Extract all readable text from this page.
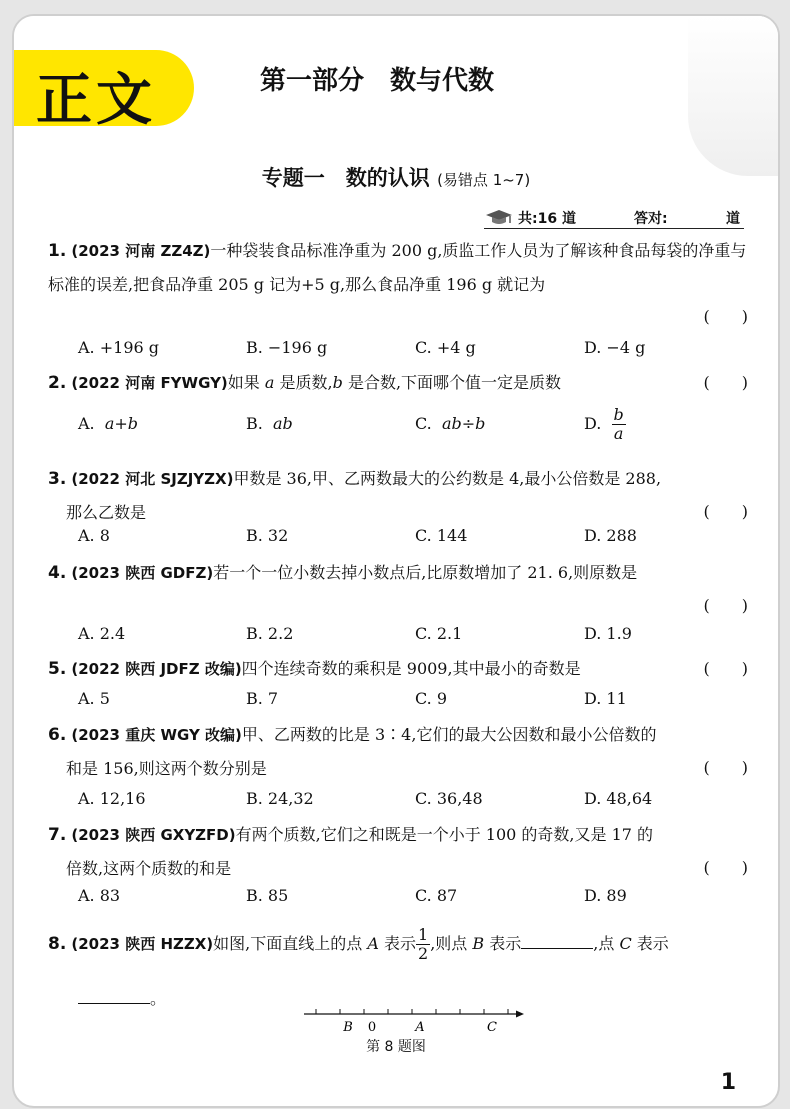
正文	第一部分　数与代数
专题一　数的认识 (易错点 1~7)
共:16 道	答对:	道
1. (2023 河南 ZZ4Z)一种袋装食品标准净重为 200 g,质监工作人员为了解该种食品每袋的净重与标准的误差,把食品净重 205 g 记为+5 g,那么食品净重 196 g 就记为
(　　)
A. +196 g	B. −196 g	C. +4 g	D. −4 g
2. (2022 河南 FYWGY)如果 a 是质数,b 是合数,下面哪个值一定是质数	(　　)
A.  a+b	B.  ab	C.  ab÷b	D. $\frac{b}{a}$
3. (2022 河北 SJZJYZX)甲数是 36,甲、乙两数最大的公约数是 4,最小公倍数是 288,
那么乙数是	(　　)
A. 8	B. 32	C. 144	D. 288
4. (2023 陕西 GDFZ)若一个一位小数去掉小数点后,比原数增加了 21. 6,则原数是
(　　)
A. 2.4	B. 2.2	C. 2.1	D. 1.9
5. (2022 陕西 JDFZ 改编)四个连续奇数的乘积是 9009,其中最小的奇数是	(　　)
A. 5	B. 7	C. 9	D. 11
6. (2023 重庆 WGY 改编)甲、乙两数的比是 3∶4,它们的最大公因数和最小公倍数的
和是 156,则这两个数分别是	(　　)
A. 12,16	B. 24,32	C. 36,48	D. 48,64
7. (2023 陕西 GXYZFD)有两个质数,它们之和既是一个小于 100 的奇数,又是 17 的
倍数,这两个质数的和是	(　　)
A. 83	B. 85	C. 87	D. 89
8. (2023 陕西 HZZX)如图,下面直线上的点 A 表示 $\frac{1}{2}$ ,则点 B 表示	,点 C 表示
。
B 0	A	C
第 8 题图
1
